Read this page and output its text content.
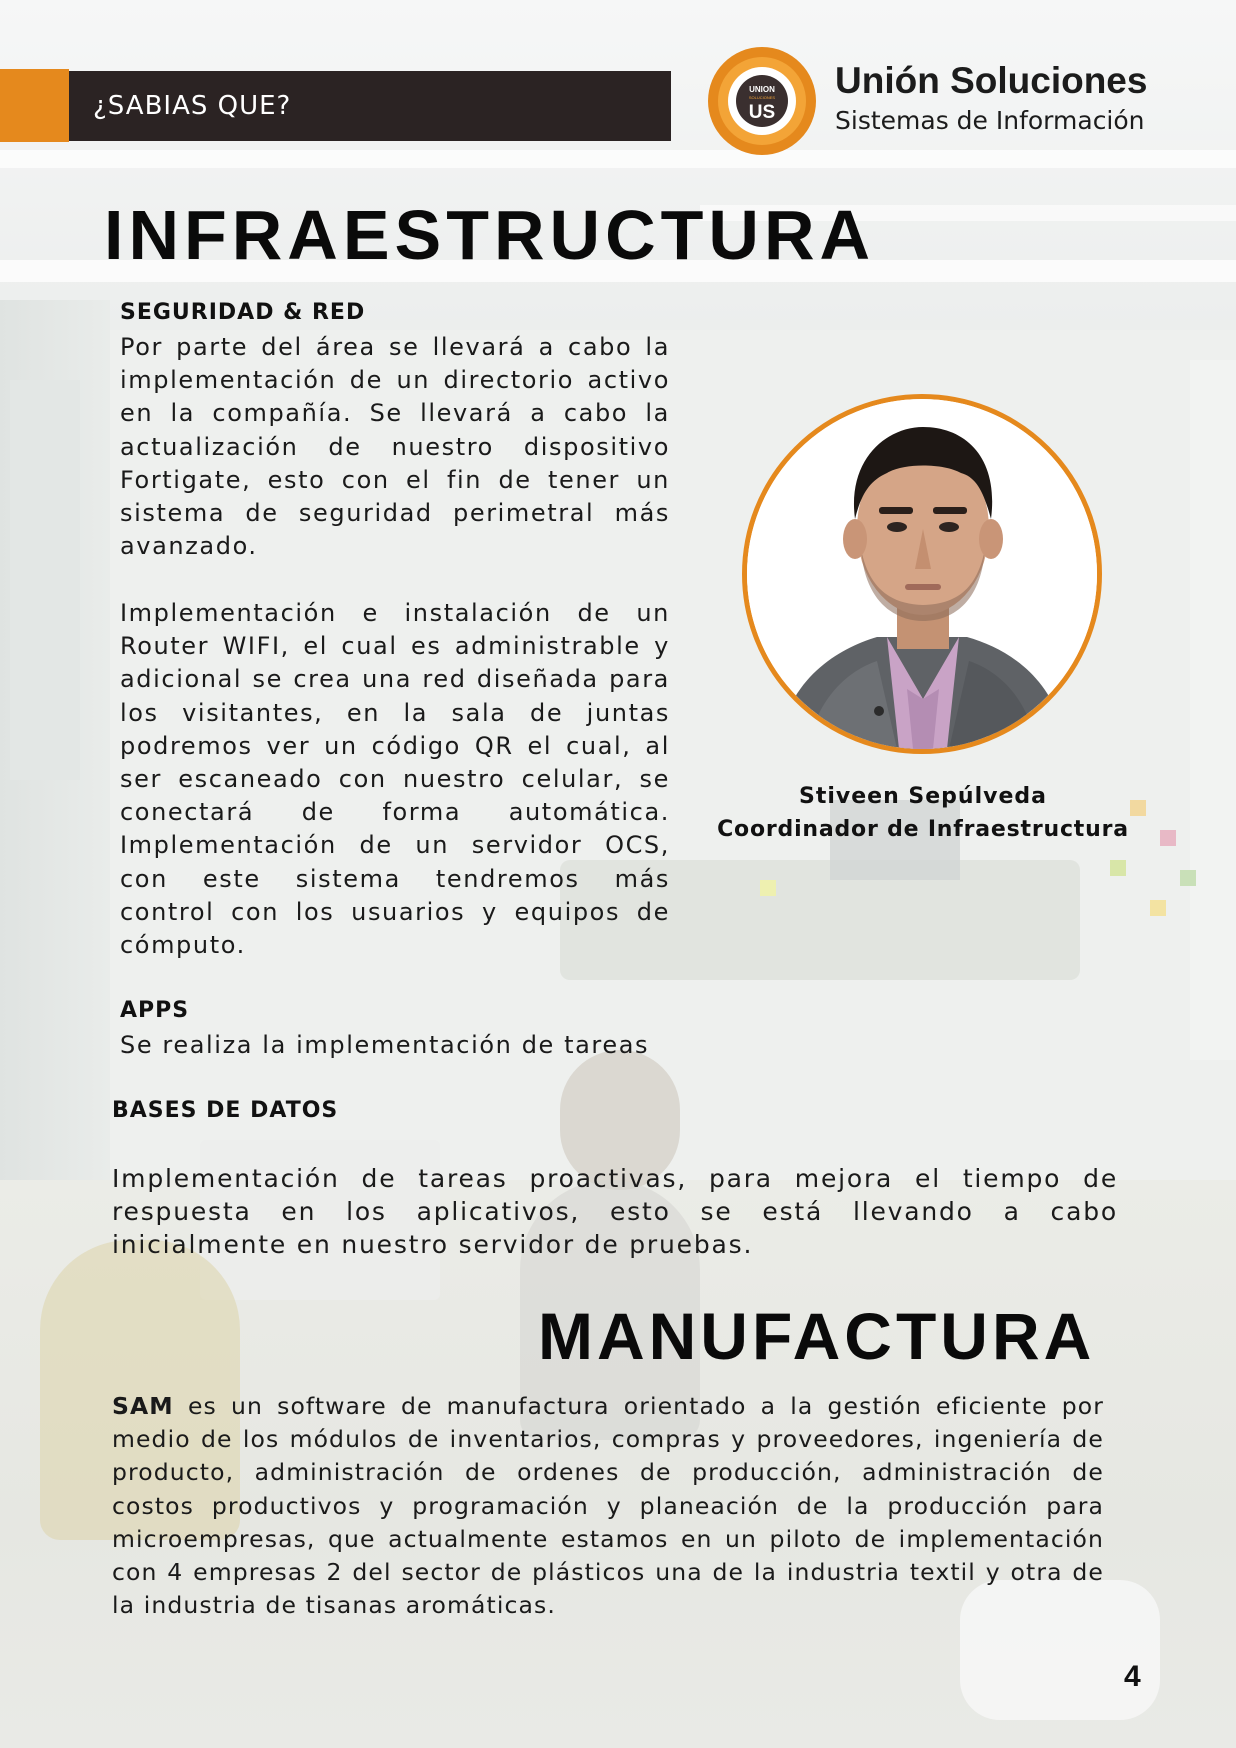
¿SABIAS QUE?
UNION
SOLUCIONES
US
Unión Soluciones
Sistemas de Información
INFRAESTRUCTURA
SEGURIDAD & RED
Por parte del área se llevará a cabo la implementación de un directorio activo en la compañía. Se llevará a cabo la actualización de nuestro dispositivo Fortigate, esto con el fin de tener un sistema de seguridad perimetral más avanzado.
Implementación e instalación de un Router WIFI, el cual es administrable y adicional se crea una red diseñada para los visitantes, en la sala de juntas podremos ver un código QR el cual, al ser escaneado con nuestro celular, se conectará de forma automática. Implementación de un servidor OCS, con este sistema tendremos más control con los usuarios y equipos de cómputo.
APPS
Se realiza la implementación de tareas
BASES DE DATOS
Implementación de tareas proactivas, para mejora el tiempo de respuesta en los aplicativos, esto se está llevando a cabo inicialmente en nuestro servidor de pruebas.
Stiveen Sepúlveda
Coordinador de Infraestructura
MANUFACTURA
SAM es un software de manufactura orientado a la gestión eficiente por medio de los módulos de inventarios, compras y proveedores, ingeniería de producto, administración de ordenes de producción, administración de costos productivos y programación y planeación de la producción para microempresas, que actualmente estamos en un piloto de implementación con 4 empresas 2 del sector de plásticos una de la industria textil y otra de la industria de tisanas aromáticas.
4
